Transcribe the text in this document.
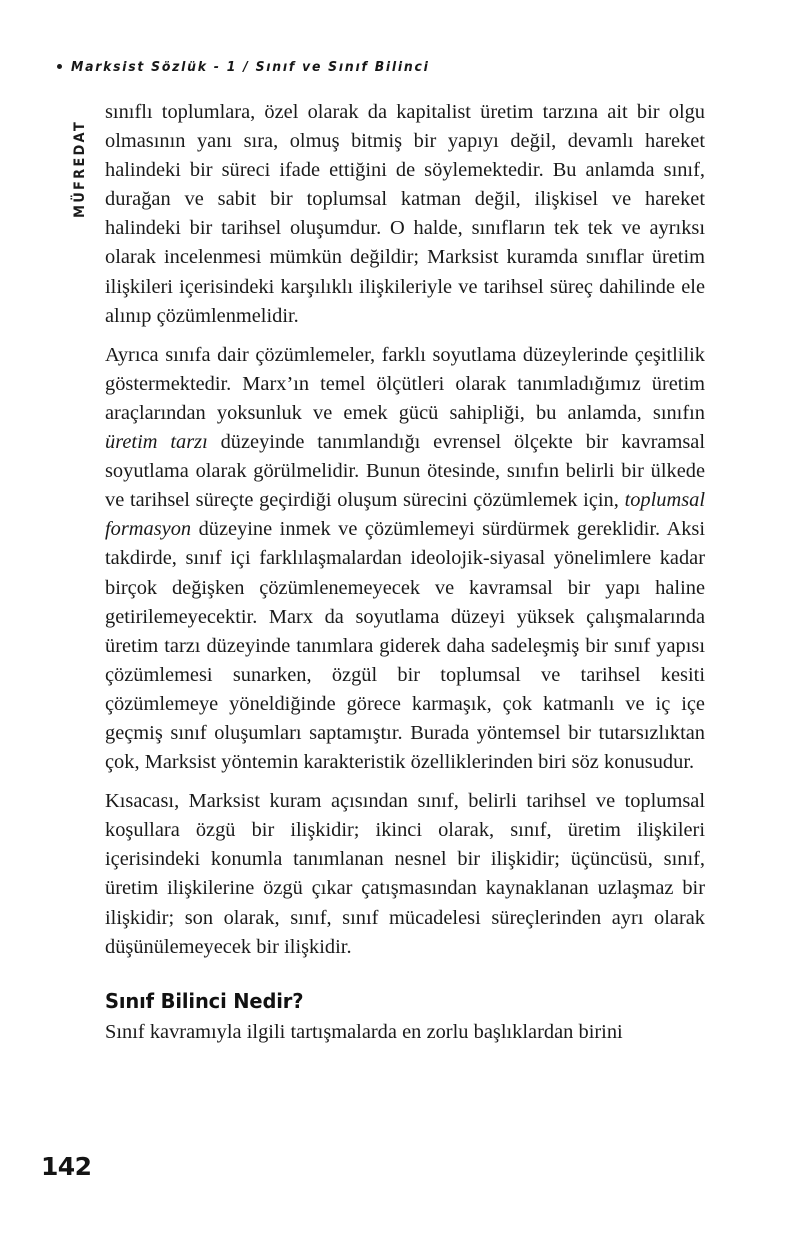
Marksist Sözlük - 1 / Sınıf ve Sınıf Bilinci
MÜFREDAT

sınıflı toplumlara, özel olarak da kapitalist üretim tarzına ait bir olgu olmasının yanı sıra, olmuş bitmiş bir yapıyı değil, devamlı hareket halindeki bir süreci ifade ettiğini de söylemektedir. Bu anlamda sınıf, durağan ve sabit bir toplumsal katman değil, ilişkisel ve hareket halindeki bir tarihsel oluşumdur. O halde, sınıfların tek tek ve ayrıksı olarak incelenmesi mümkün değildir; Marksist kuramda sınıflar üretim ilişkileri içerisindeki karşılıklı ilişkileriyle ve tarihsel süreç dahilinde ele alınıp çözümlenmelidir.

Ayrıca sınıfa dair çözümlemeler, farklı soyutlama düzeylerinde çeşitlilik göstermektedir. Marx’ın temel ölçütleri olarak tanımladığımız üretim araçlarından yoksunluk ve emek gücü sahipliği, bu anlamda, sınıfın üretim tarzı düzeyinde tanımlandığı evrensel ölçekte bir kavramsal soyutlama olarak görülmelidir. Bunun ötesinde, sınıfın belirli bir ülkede ve tarihsel süreçte geçirdiği oluşum sürecini çözümlemek için, toplumsal formasyon düzeyine inmek ve çözümlemeyi sürdürmek gereklidir. Aksi takdirde, sınıf içi farklılaşmalardan ideolojik-siyasal yönelimlere kadar birçok değişken çözümlenemeyecek ve kavramsal bir yapı haline getirilemeyecektir. Marx da soyutlama düzeyi yüksek çalışmalarında üretim tarzı düzeyinde tanımlara giderek daha sadeleşmiş bir sınıf yapısı çözümlemesi sunarken, özgül bir toplumsal ve tarihsel kesiti çözümlemeye yöneldiğinde görece karmaşık, çok katmanlı ve iç içe geçmiş sınıf oluşumları saptamıştır. Burada yöntemsel bir tutarsızlıktan çok, Marksist yöntemin karakteristik özelliklerinden biri söz konusudur.

Kısacası, Marksist kuram açısından sınıf, belirli tarihsel ve toplumsal koşullara özgü bir ilişkidir; ikinci olarak, sınıf, üretim ilişkileri içerisindeki konumla tanımlanan nesnel bir ilişkidir; üçüncüsü, sınıf, üretim ilişkilerine özgü çıkar çatışmasından kaynaklanan uzlaşmaz bir ilişkidir; son olarak, sınıf, sınıf mücadelesi süreçlerinden ayrı olarak düşünülemeyecek bir ilişkidir.

Sınıf Bilinci Nedir?

Sınıf kavramıyla ilgili tartışmalarda en zorlu başlıklardan birini

142
